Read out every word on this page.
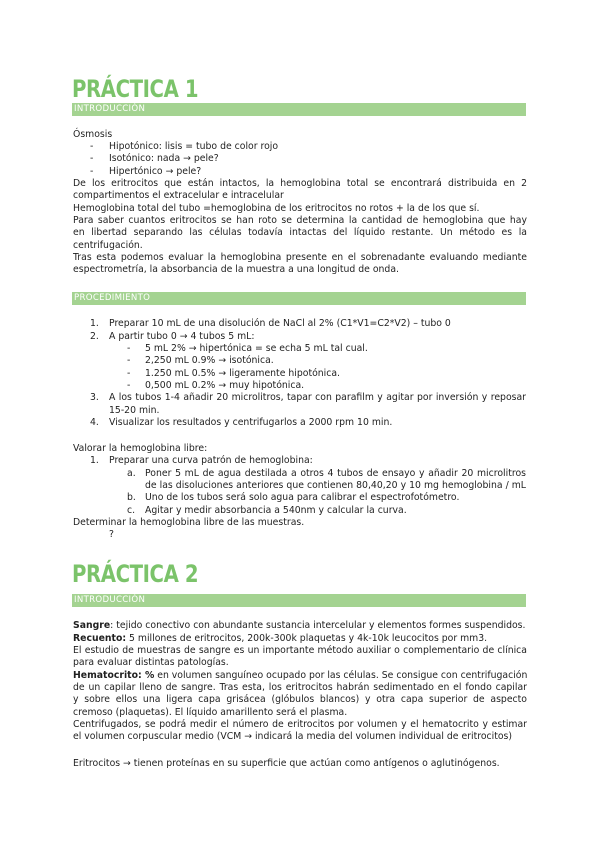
PRÁCTICA 1
INTRODUCCIÓN
Ósmosis
- Hipotónico: lisis = tubo de color rojo
- Isotónico: nada → pele?
- Hipertónico → pele?
De los eritrocitos que están intactos, la hemoglobina total se encontrará distribuida en 2
compartimentos el extracelular e intracelular
Hemoglobina total del tubo =hemoglobina de los eritrocitos no rotos + la de los que sí.
Para saber cuantos eritrocitos se han roto se determina la cantidad de hemoglobina que hay
en libertad separando las células todavía intactas del líquido restante. Un método es la
centrifugación.
Tras esta podemos evaluar la hemoglobina presente en el sobrenadante evaluando mediante
espectrometría, la absorbancia de la muestra a una longitud de onda.
PROCEDIMIENTO
1. Preparar 10 mL de una disolución de NaCl al 2% (C1*V1=C2*V2) – tubo 0
2. A partir tubo 0 → 4 tubos 5 mL:
- 5 mL 2% → hipertónica = se echa 5 mL tal cual.
- 2,250 mL 0.9% → isotónica.
- 1.250 mL 0.5% → ligeramente hipotónica.
- 0,500 mL 0.2% → muy hipotónica.
3. A los tubos 1-4 añadir 20 microlitros, tapar con parafilm y agitar por inversión y reposar
15-20 min.
4. Visualizar los resultados y centrifugarlos a 2000 rpm 10 min.
Valorar la hemoglobina libre:
1. Preparar una curva patrón de hemoglobina:
a. Poner 5 mL de agua destilada a otros 4 tubos de ensayo y añadir 20 microlitros
de las disoluciones anteriores que contienen 80,40,20 y 10 mg hemoglobina / mL
b. Uno de los tubos será solo agua para calibrar el espectrofotómetro.
c. Agitar y medir absorbancia a 540nm y calcular la curva.
Determinar la hemoglobina libre de las muestras.
?
PRÁCTICA 2
INTRODUCCIÓN
Sangre: tejido conectivo con abundante sustancia intercelular y elementos formes suspendidos.
Recuento: 5 millones de eritrocitos, 200k-300k plaquetas y 4k-10k leucocitos por mm3.
El estudio de muestras de sangre es un importante método auxiliar o complementario de clínica
para evaluar distintas patologías.
Hematocrito: % en volumen sanguíneo ocupado por las células. Se consigue con centrifugación
de un capilar lleno de sangre. Tras esta, los eritrocitos habrán sedimentado en el fondo capilar
y sobre ellos una ligera capa grisácea (glóbulos blancos) y otra capa superior de aspecto
cremoso (plaquetas). El líquido amarillento será el plasma.
Centrifugados, se podrá medir el número de eritrocitos por volumen y el hematocrito y estimar
el volumen corpuscular medio (VCM → indicará la media del volumen individual de eritrocitos)
Eritrocitos → tienen proteínas en su superficie que actúan como antígenos o aglutinógenos.
